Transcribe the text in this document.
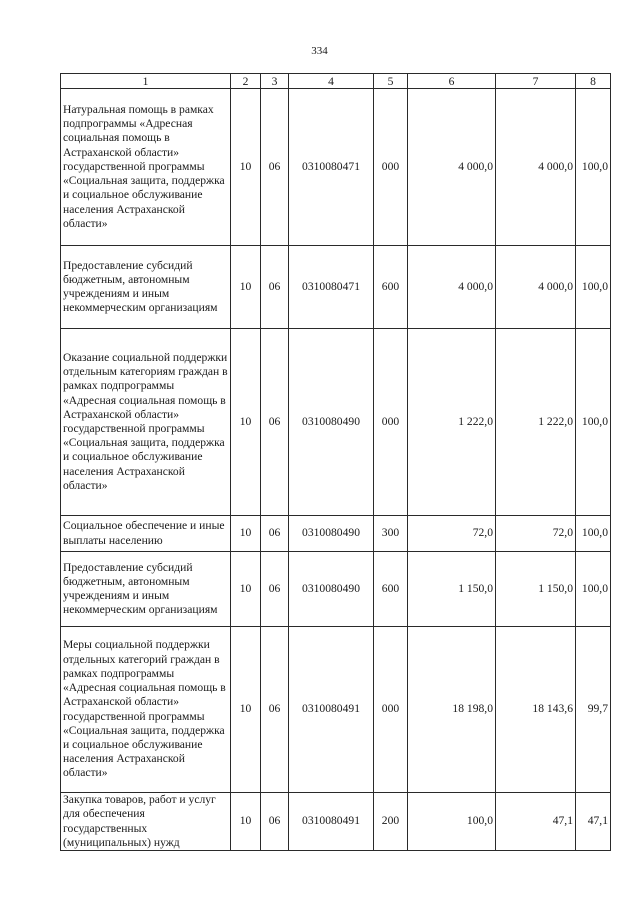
334
1	2	3	4	5	6	7	8
Натуральная помощь в рамках подпрограммы «Адресная социальная помощь в Астраханской области» государственной программы «Социальная защита, поддержка и социальное обслуживание населения Астраханской области»	10	06	0310080471	000	4 000,0	4 000,0	100,0
Предоставление субсидий бюджетным, автономным учреждениям и иным некоммерческим организациям	10	06	0310080471	600	4 000,0	4 000,0	100,0
Оказание социальной поддержки отдельным категориям граждан в рамках подпрограммы «Адресная социальная помощь в Астраханской области» государственной программы «Социальная защита, поддержка и социальное обслуживание населения Астраханской области»	10	06	0310080490	000	1 222,0	1 222,0	100,0
Социальное обеспечение и иные выплаты населению	10	06	0310080490	300	72,0	72,0	100,0
Предоставление субсидий бюджетным, автономным учреждениям и иным некоммерческим организациям	10	06	0310080490	600	1 150,0	1 150,0	100,0
Меры социальной поддержки отдельных категорий граждан в рамках подпрограммы «Адресная социальная помощь в Астраханской области» государственной программы «Социальная защита, поддержка и социальное обслуживание населения Астраханской области»	10	06	0310080491	000	18 198,0	18 143,6	99,7
Закупка товаров, работ и услуг для обеспечения государственных (муниципальных) нужд	10	06	0310080491	200	100,0	47,1	47,1
